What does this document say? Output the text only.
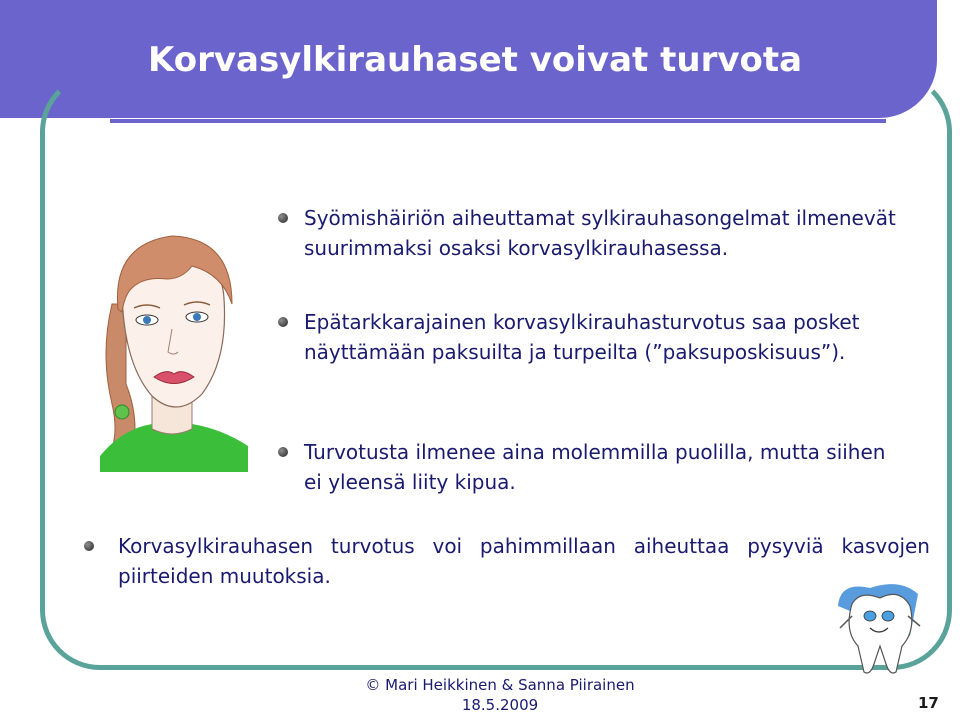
Korvasylkirauhaset voivat turvota
Syömishäiriön aiheuttamat sylkirauhasongelmat ilmenevät suurimmaksi osaksi korvasylkirauhasessa.
Epätarkkarajainen korvasylkirauhasturvotus saa posket näyttämään paksuilta ja turpeilta (”paksuposkisuus”).
Turvotusta ilmenee aina molemmilla puolilla, mutta siihen ei yleensä liity kipua.
Korvasylkirauhasen turvotus voi pahimmillaan aiheuttaa pysyviä kasvojen piirteiden muutoksia.
© Mari Heikkinen & Sanna Piirainen
18.5.2009	17
